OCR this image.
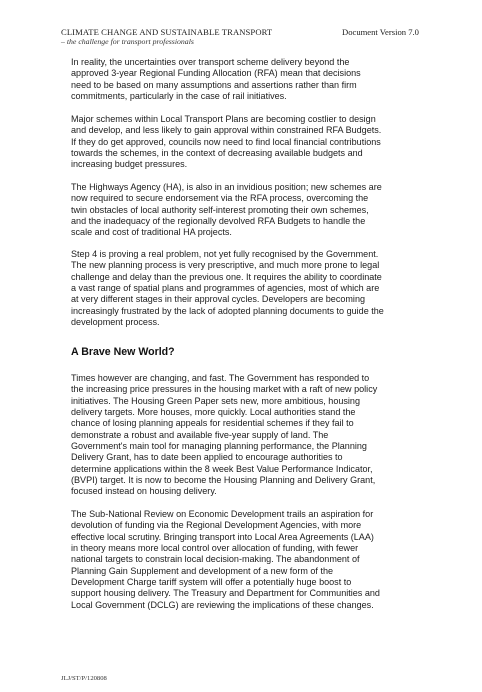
CLIMATE CHANGE AND SUSTAINABLE TRANSPORT
– the challenge for transport professionals
Document Version 7.0
In reality, the uncertainties over transport scheme delivery beyond the
approved 3-year Regional Funding Allocation (RFA) mean that decisions
need to be based on many assumptions and assertions rather than firm
commitments, particularly in the case of rail initiatives.
Major schemes within Local Transport Plans are becoming costlier to design
and develop, and less likely to gain approval within constrained RFA Budgets.
If they do get approved, councils now need to find local financial contributions
towards the schemes, in the context of decreasing available budgets and
increasing budget pressures.
The Highways Agency (HA), is also in an invidious position; new schemes are
now required to secure endorsement via the RFA process, overcoming the
twin obstacles of local authority self-interest promoting their own schemes,
and the inadequacy of the regionally devolved RFA Budgets to handle the
scale and cost of traditional HA projects.
Step 4 is proving a real problem, not yet fully recognised by the Government.
The new planning process is very prescriptive, and much more prone to legal
challenge and delay than the previous one. It requires the ability to coordinate
a vast range of spatial plans and programmes of agencies, most of which are
at very different stages in their approval cycles. Developers are becoming
increasingly frustrated by the lack of adopted planning documents to guide the
development process.
A Brave New World?
Times however are changing, and fast. The Government has responded to
the increasing price pressures in the housing market with a raft of new policy
initiatives. The Housing Green Paper sets new, more ambitious, housing
delivery targets. More houses, more quickly. Local authorities stand the
chance of losing planning appeals for residential schemes if they fail to
demonstrate a robust and available five-year supply of land. The
Government's main tool for managing planning performance, the Planning
Delivery Grant, has to date been applied to encourage authorities to
determine applications within the 8 week Best Value Performance Indicator,
(BVPI) target. It is now to become the Housing Planning and Delivery Grant,
focused instead on housing delivery.
The Sub-National Review on Economic Development trails an aspiration for
devolution of funding via the Regional Development Agencies, with more
effective local scrutiny. Bringing transport into Local Area Agreements (LAA)
in theory means more local control over allocation of funding, with fewer
national targets to constrain local decision-making. The abandonment of
Planning Gain Supplement and development of a new form of the
Development Charge tariff system will offer a potentially huge boost to
support housing delivery. The Treasury and Department for Communities and
Local Government (DCLG) are reviewing the implications of these changes.
JLJ/ST/P/120808
